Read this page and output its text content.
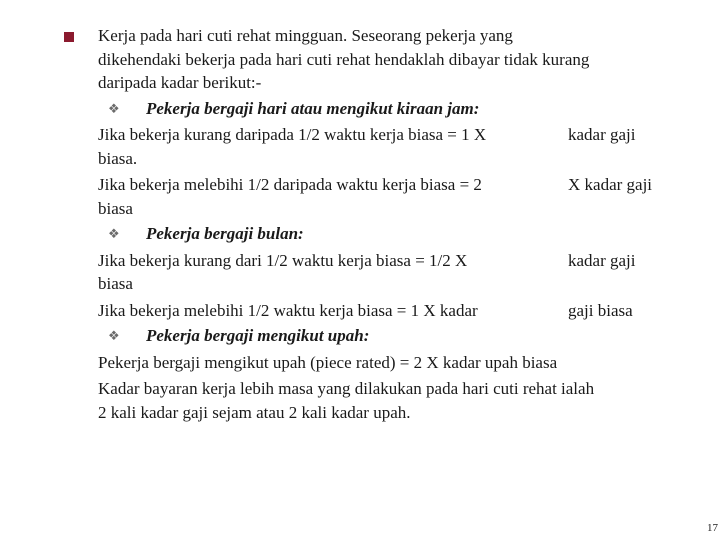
Kerja pada hari cuti rehat mingguan. Seseorang pekerja yang
dikehendaki bekerja pada hari cuti rehat hendaklah dibayar tidak kurang
daripada kadar berikut:-
❖ Pekerja bergaji hari atau mengikut kiraan jam:
Jika bekerja kurang daripada 1/2 waktu kerja biasa = 1 X	kadar gaji
biasa.
Jika bekerja melebihi 1/2 daripada waktu kerja biasa = 2	X kadar gaji
biasa
❖ Pekerja bergaji bulan:
Jika bekerja kurang dari 1/2 waktu kerja biasa = 1/2 X	kadar gaji
biasa
Jika bekerja melebihi 1/2 waktu kerja biasa = 1 X kadar	gaji biasa
❖ Pekerja bergaji mengikut upah:
Pekerja bergaji mengikut upah (piece rated) = 2 X kadar upah biasa
Kadar bayaran kerja lebih masa yang dilakukan pada hari cuti rehat ialah
2 kali kadar gaji sejam atau 2 kali kadar upah.
17
